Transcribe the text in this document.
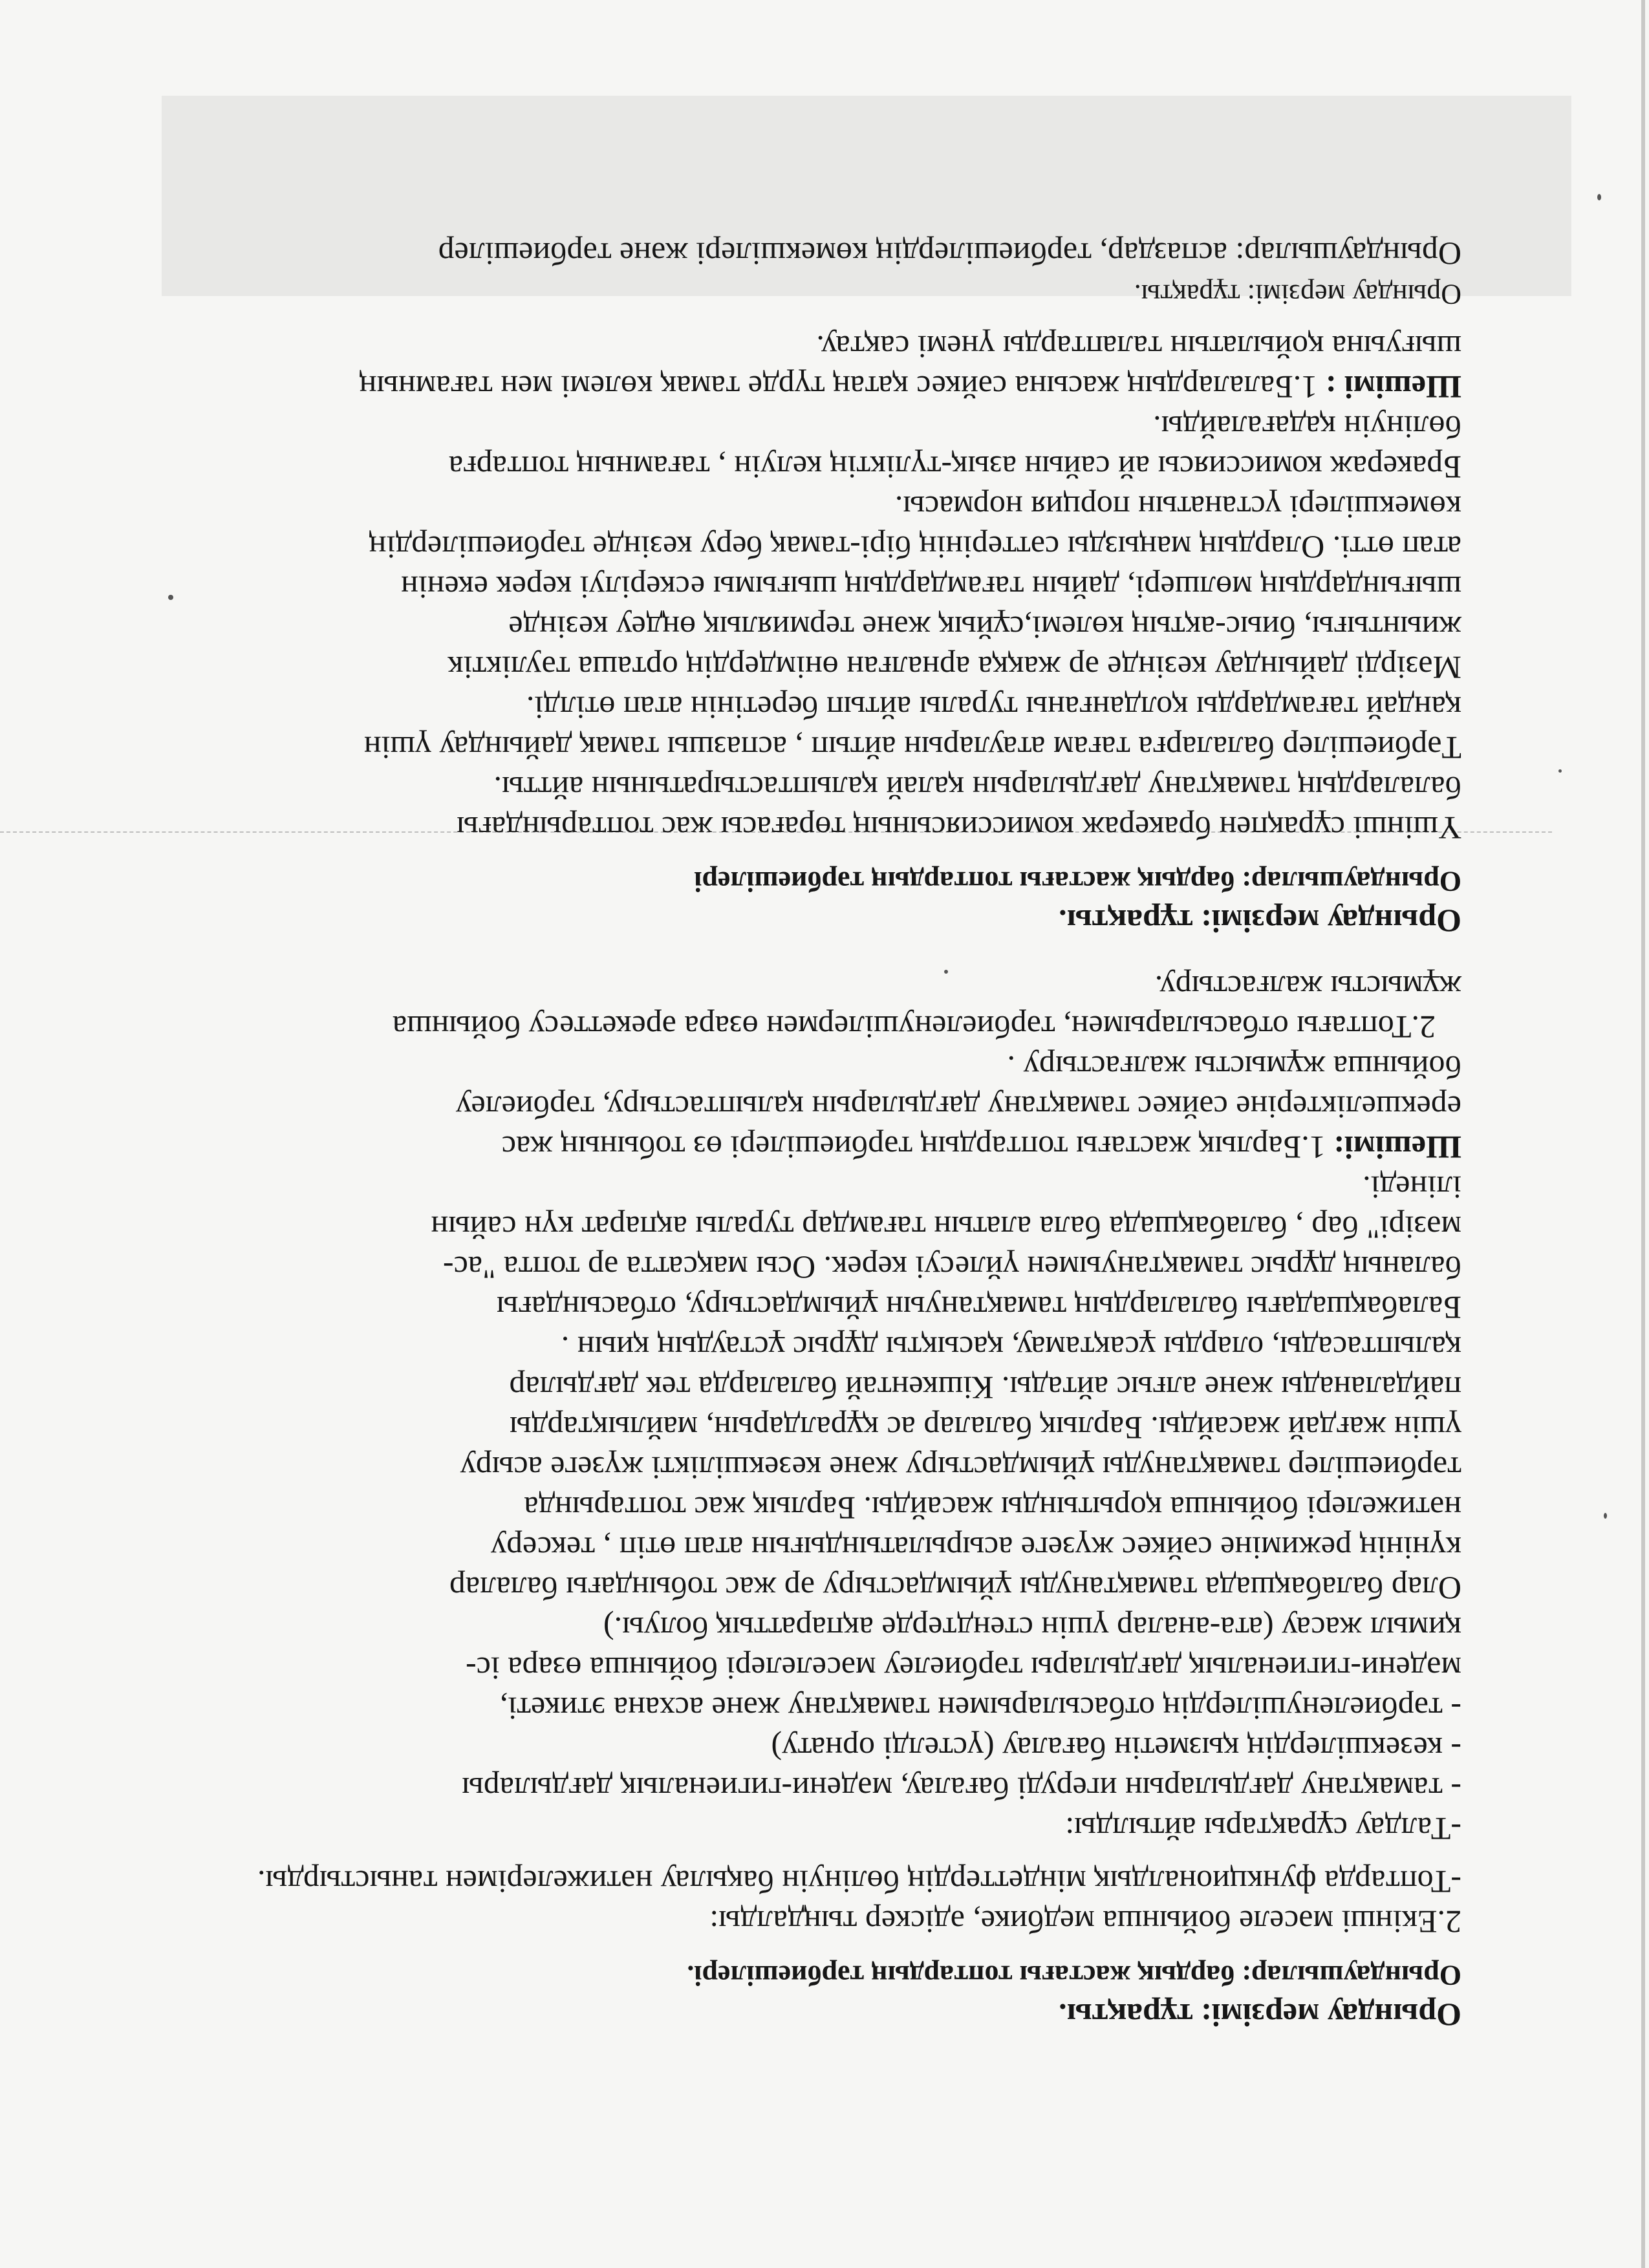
Орындау мерзімі: тұрақты.

Орындаушылар: бардық жастағы топтардың тәрбиешілері.

2.Екінші мәселе бойынша медбике, әдіскер тыңдалды:

-Топтарда функционалдық міндеттердің бөлінуін бақылау нәтижелерімен таныстырды.

-Талдау сұрақтары айтылды:

- тамақтану дағдыларын игеруді бағалау, мәдени-гигиеналық дағдылары

- кезекшілердің қызметін бағалау (үстелді орнату)

- тәрбиеленушілердің отбасыларымен тамақтану және асхана этикеті,

мәдени-гигиеналық дағдылары тәрбиелеу мәселелері бойынша өзара іс-

қимыл жасау (ата-аналар үшін стендтерде ақпараттық болуы.)

Олар балабақшада тамақтануды ұйымдастыру әр жас тобындағы балалар

күнінің режиміне сәйкес жүзеге асырылатындығын атап өтіп , тексеру

нәтижелері бойынша қорытынды жасайды. Барлық жас топтарында

тәрбиешілер тамақтануды ұйымдастыру және кезекшілікті жүзеге асыру

үшін жағдай жасайды. Барлық балалар ас құралдарын, майлықтарды

пайдаланады және алғыс айтады. Кішкентай балаларда тек дағдылар

қалыптасады, оларды ұсақтамау, қасықты дұрыс ұстаудың қиын .

Балабақшадағы балалардың тамақтануын ұйымдастыру, отбасындағы

баланың дұрыс тамақтануымен үйлесуі керек. Осы мақсатта әр топта "ас-

мәзірі" бар , балабақшада бала алатын тағамдар туралы ақпарат күн сайын

ілінеді.

Шешімі: 1.Барлық жастағы топтардың тәрбиешілері өз тобының жас

ерекшеліктеріне сәйкес тамақтану дағдыларын қалыптастыру, тәрбиелеу

бойынша жұмысты жалғастыру .

2.Топтағы отбасыларымен, тәрбиеленушілермен өзара әрекеттесу бойынша

жұмысты жалғастыру.

Орындау мерзімі: тұрақты.

Орындаушылар: бардық жастағы топтардың тәрбиешілері

Үшінші сұрақпен бракераж комиссиясының төрағасы жас топтарындағы

балалардың тамақтану дағдыларын қалай қалыптастыратынын айтты.

Тәрбиешілер балаларға тағам атауларын айтып , аспазшы тамақ дайындау үшін

қандай тағамдарды қолданғаны туралы айтып беретінін атап өтілді.

Мәзірді дайындау кезінде әр жаққа арналған өнімдердің орташа тәуліктік

жиынтығы, биыс-ақтың көлемі,сұйық және термиялық өңдеу кезінде

шығындардың мөлшері, дайын тағамдардың шығымы ескерілуі керек екенін

атап өтті. Олардың маңызды сәттерінің бірі-тамақ беру кезінде тәрбиешілердің

көмекшілері үстанатын порция нормасы.

Бракераж комиссиясы ай сайын азық-түліктің келуін , тағамның топтарға

бөлінуін қадағалайды.

Шешімі : 1.Балалардың жасына сәйкес қатаң түрде тамақ көлемі мен тағамның

шығуына қойылатын талаптарды үнемі сақтау.

Орындау мерзімі: тұрақты.

Орындаушылар: аспаздар, тәрбиешілердің көмекшілері және тәрбиешілер
